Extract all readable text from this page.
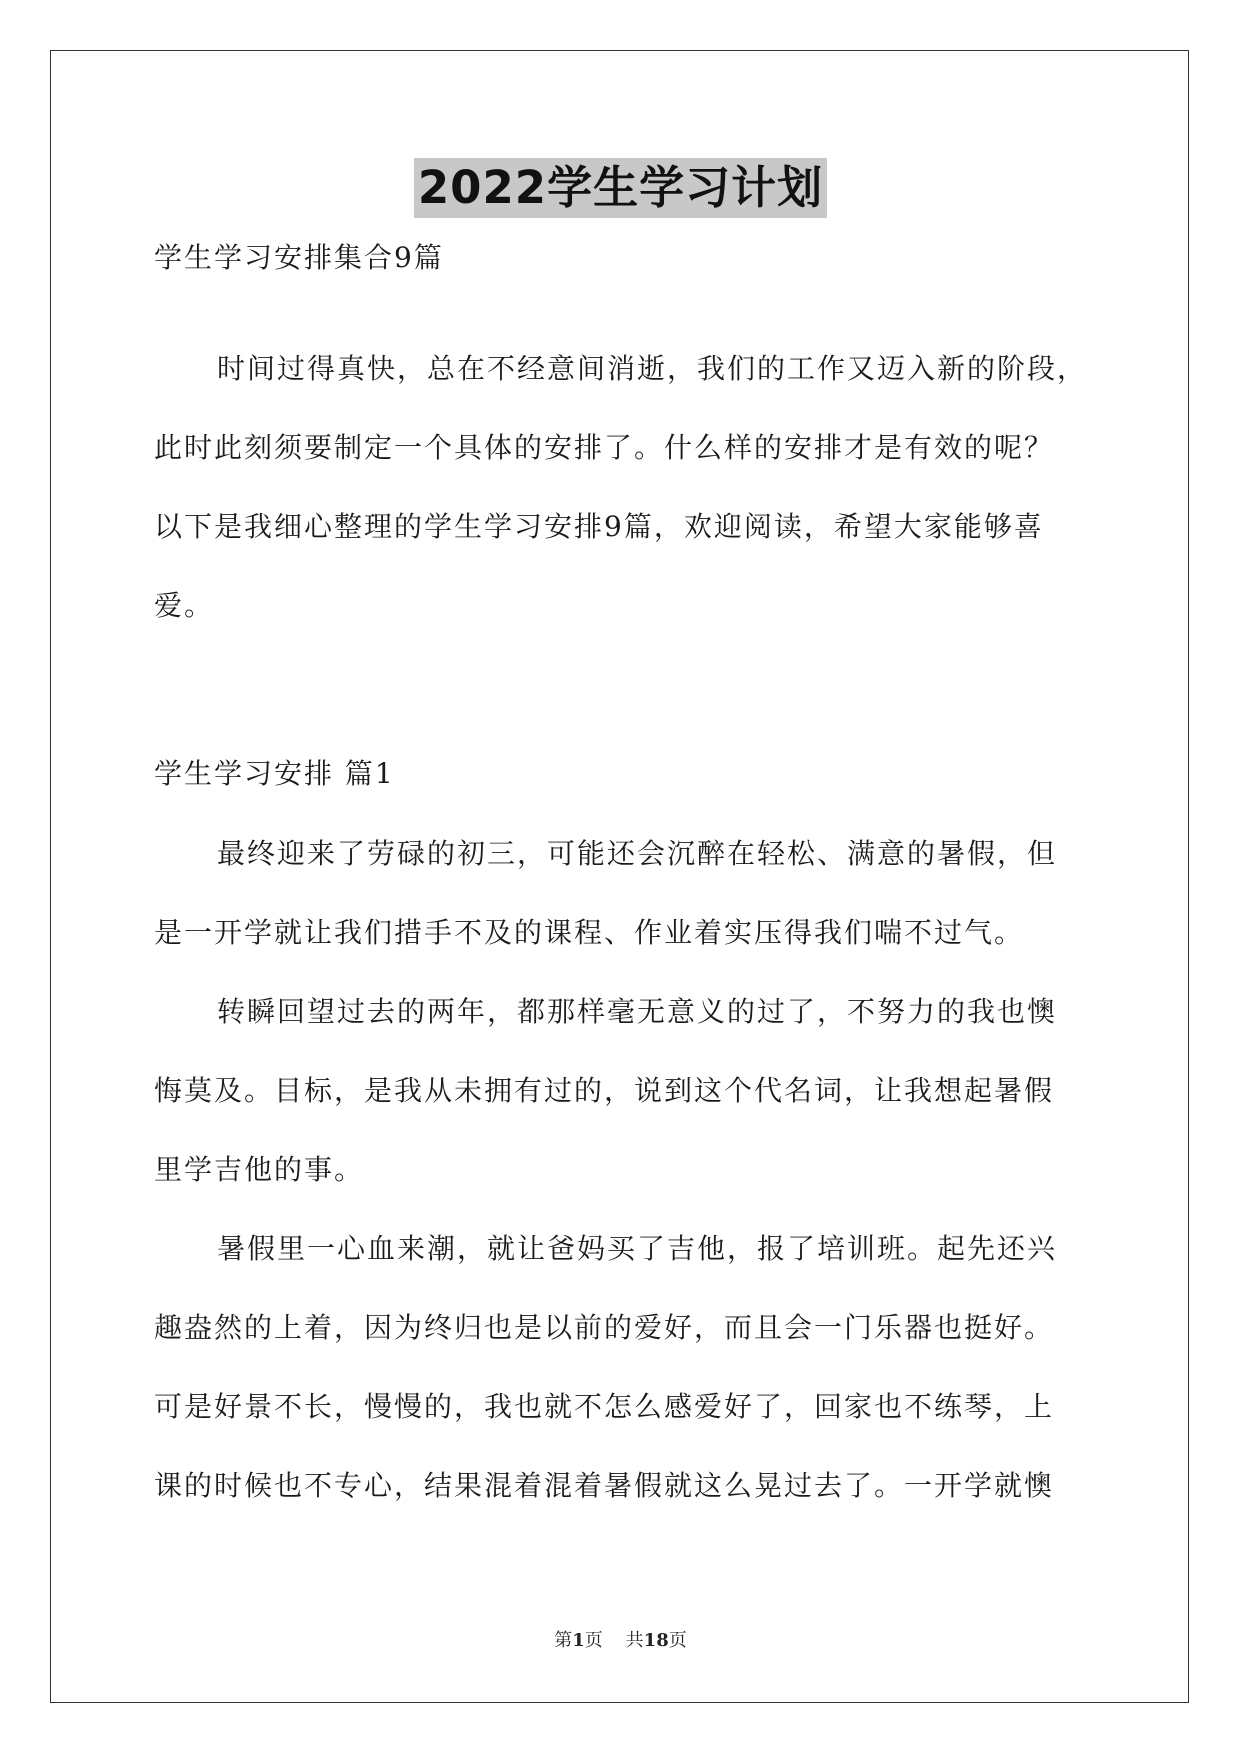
2022学生学习计划
学生学习安排集合9篇
时间过得真快，总在不经意间消逝，我们的工作又迈入新的阶段，
此时此刻须要制定一个具体的安排了。什么样的安排才是有效的呢？
以下是我细心整理的学生学习安排9篇，欢迎阅读，希望大家能够喜
爱。
学生学习安排 篇1
最终迎来了劳碌的初三，可能还会沉醉在轻松、满意的暑假，但
是一开学就让我们措手不及的课程、作业着实压得我们喘不过气。
转瞬回望过去的两年，都那样毫无意义的过了，不努力的我也懊
悔莫及。目标，是我从未拥有过的，说到这个代名词，让我想起暑假
里学吉他的事。
暑假里一心血来潮，就让爸妈买了吉他，报了培训班。起先还兴
趣盎然的上着，因为终归也是以前的爱好，而且会一门乐器也挺好。
可是好景不长，慢慢的，我也就不怎么感爱好了，回家也不练琴，上
课的时候也不专心，结果混着混着暑假就这么晃过去了。一开学就懊
第1页 共18页
